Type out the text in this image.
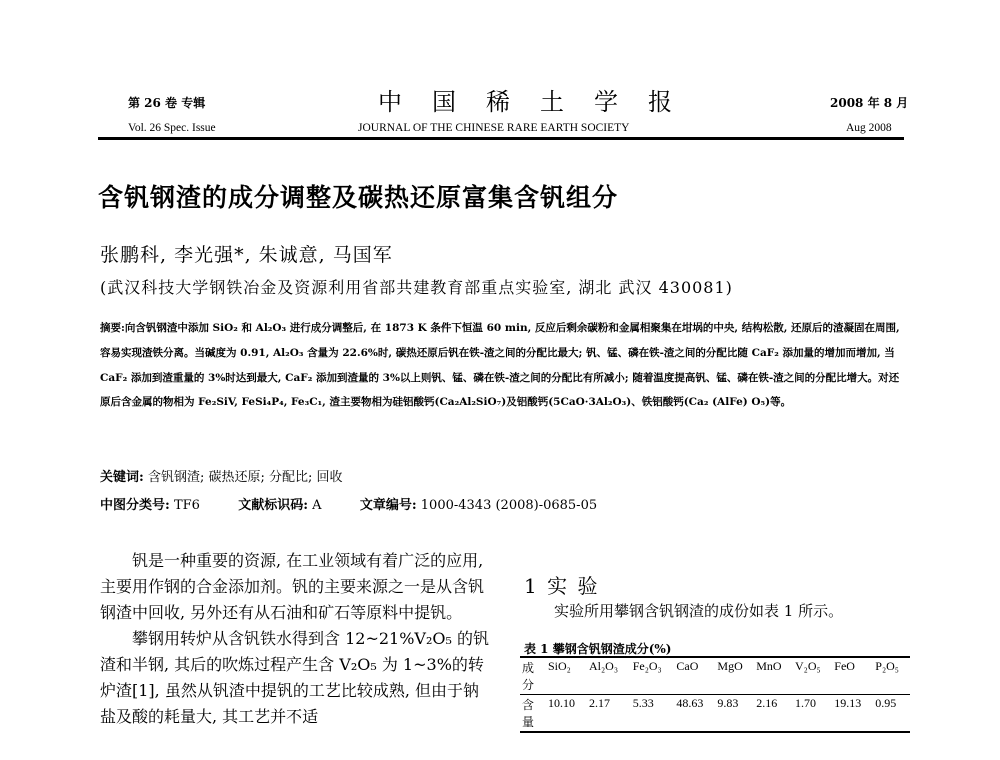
第 26 卷 专辑	中国稀土学报	2008 年 8 月
Vol. 26 Spec. Issue	JOURNAL OF THE CHINESE RARE EARTH SOCIETY	Aug 2008
含钒钢渣的成分调整及碳热还原富集含钒组分
张鹏科, 李光强*, 朱诚意, 马国军
(武汉科技大学钢铁冶金及资源利用省部共建教育部重点实验室, 湖北 武汉 430081)
摘要:向含钒钢渣中添加 SiO₂ 和 Al₂O₃ 进行成分调整后, 在 1873 K 条件下恒温 60 min, 反应后剩余碳粉和金属相聚集在坩埚的中央, 结构松散, 还原后的渣凝固在周围, 容易实现渣铁分离。当碱度为 0.91, Al₂O₃ 含量为 22.6%时, 碳热还原后钒在铁-渣之间的分配比最大; 钒、锰、磷在铁-渣之间的分配比随 CaF₂ 添加量的增加而增加, 当 CaF₂ 添加到渣重量的 3%时达到最大, CaF₂ 添加到渣量的 3%以上则钒、锰、磷在铁-渣之间的分配比有所减小; 随着温度提高钒、锰、磷在铁-渣之间的分配比增大。对还原后含金属的物相为 Fe₂SiV, FeSi₄P₄, Fe₃C₁, 渣主要物相为硅铝酸钙(Ca₂Al₂SiO₇)及铝酸钙(5CaO·3Al₂O₃)、铁铝酸钙(Ca₂ (AlFe) O₅)等。
关键词: 含钒钢渣; 碳热还原; 分配比; 回收
中图分类号: TF6	文献标识码: A	文章编号: 1000-4343 (2008)-0685-05

钒是一种重要的资源, 在工业领域有着广泛的应用, 主要用作钢的合金添加剂。钒的主要来源之一是从含钒钢渣中回收, 另外还有从石油和矿石等原料中提钒。

攀钢用转炉从含钒铁水得到含 12~21%V₂O₅ 的钒渣和半钢, 其后的吹炼过程产生含 V₂O₅ 为 1~3%的转炉渣[1], 虽然从钒渣中提钒的工艺比较成熟, 但由于钠盐及酸的耗量大, 其工艺并不适

1 实 验
实验所用攀钢含钒钢渣的成份如表 1 所示。
表 1 攀钢含钒钢渣成分(%)
成分	SiO₂	Al₂O₃	Fe₂O₃	CaO	MgO	MnO	V₂O₅	FeO	P₂O₅
含量	10.10	2.17	5.33	48.63	9.83	2.16	1.70	19.13	0.95
